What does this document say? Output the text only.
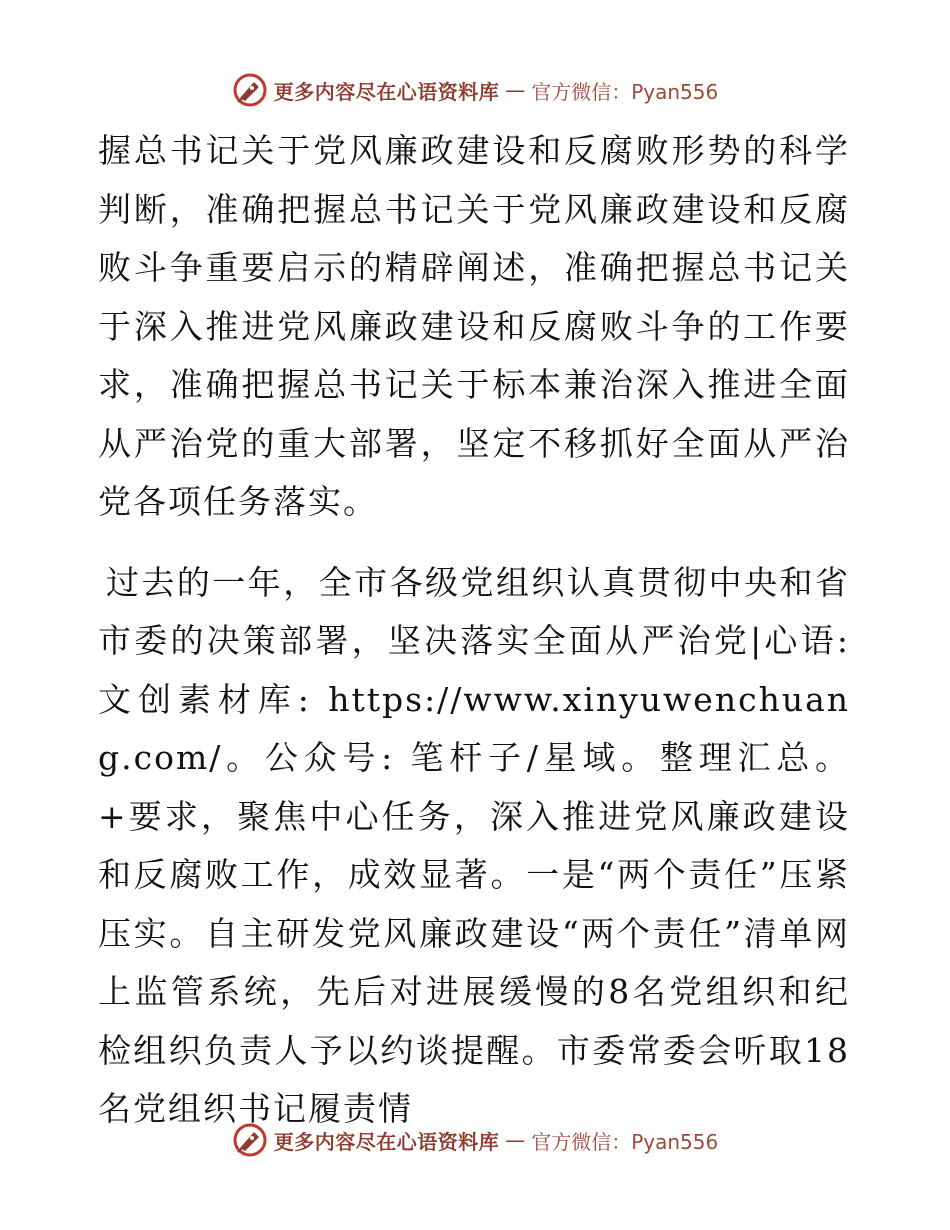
更多内容尽在心语资料库 — 官方微信：Pyan556

握总书记关于党风廉政建设和反腐败形势的科学判断，准确把握总书记关于党风廉政建设和反腐败斗争重要启示的精辟阐述，准确把握总书记关于深入推进党风廉政建设和反腐败斗争的工作要求，准确把握总书记关于标本兼治深入推进全面从严治党的重大部署，坚定不移抓好全面从严治党各项任务落实。

过去的一年，全市各级党组织认真贯彻中央和省市委的决策部署，坚决落实全面从严治党|心语:文创素材库: https://www.xinyuwenchuang.com/。公众号: 笔杆子/星域。整理汇总。+要求，聚焦中心任务，深入推进党风廉政建设和反腐败工作，成效显著。一是“两个责任”压紧压实。自主研发党风廉政建设“两个责任”清单网上监管系统，先后对进展缓慢的8名党组织和纪检组织负责人予以约谈提醒。市委常委会听取18名党组织书记履责情

更多内容尽在心语资料库 — 官方微信：Pyan556
